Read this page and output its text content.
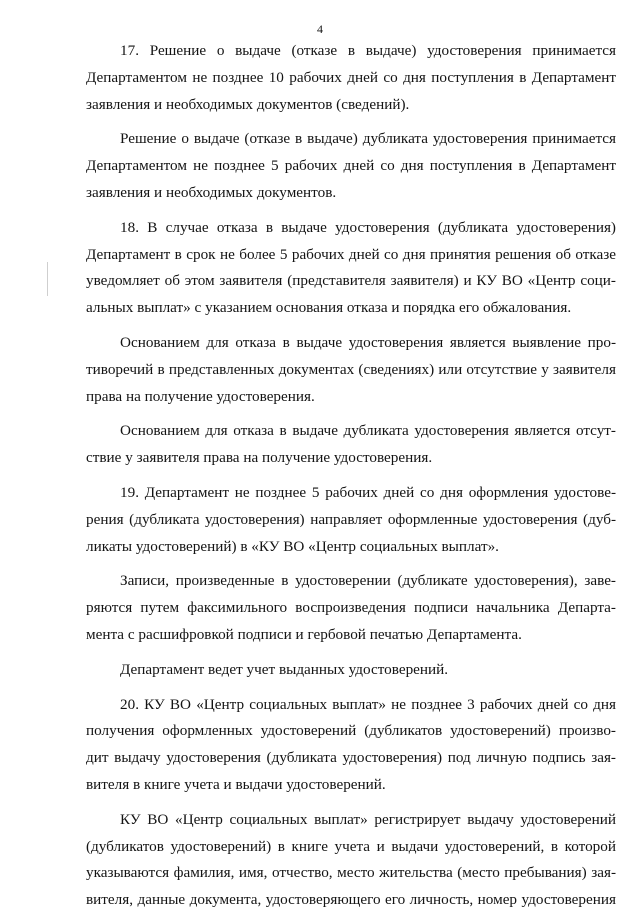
4

17. Решение о выдаче (отказе в выдаче) удостоверения принимается
Департаментом не позднее 10 рабочих дней со дня поступления в Департамент
заявления и необходимых документов (сведений).

Решение о выдаче (отказе в выдаче) дубликата удостоверения принимается
Департаментом не позднее 5 рабочих дней со дня поступления в Департамент
заявления и необходимых документов.

18. В случае отказа в выдаче удостоверения (дубликата удостоверения)
Департамент в срок не более 5 рабочих дней со дня принятия решения об отказе
уведомляет об этом заявителя (представителя заявителя) и КУ ВО «Центр соци-
альных выплат» с указанием основания отказа и порядка его обжалования.

Основанием для отказа в выдаче удостоверения является выявление про-
тиворечий в представленных документах (сведениях) или отсутствие у заявителя
права на получение удостоверения.

Основанием для отказа в выдаче дубликата удостоверения является отсут-
ствие у заявителя права на получение удостоверения.

19. Департамент не позднее 5 рабочих дней со дня оформления удостове-
рения (дубликата удостоверения) направляет оформленные удостоверения (дуб-
ликаты удостоверений) в «КУ ВО «Центр социальных выплат».

Записи, произведенные в удостоверении (дубликате удостоверения), заве-
ряются путем факсимильного воспроизведения подписи начальника Департа-
мента с расшифровкой подписи и гербовой печатью Департамента.

Департамент ведет учет выданных удостоверений.

20. КУ ВО «Центр социальных выплат» не позднее 3 рабочих дней со дня
получения оформленных удостоверений (дубликатов удостоверений) произво-
дит выдачу удостоверения (дубликата удостоверения) под личную подпись зая-
вителя в книге учета и выдачи удостоверений.

КУ ВО «Центр социальных выплат» регистрирует выдачу удостоверений
(дубликатов удостоверений) в книге учета и выдачи удостоверений, в которой
указываются фамилия, имя, отчество, место жительства (место пребывания) зая-
вителя, данные документа, удостоверяющего его личность, номер удостоверения
